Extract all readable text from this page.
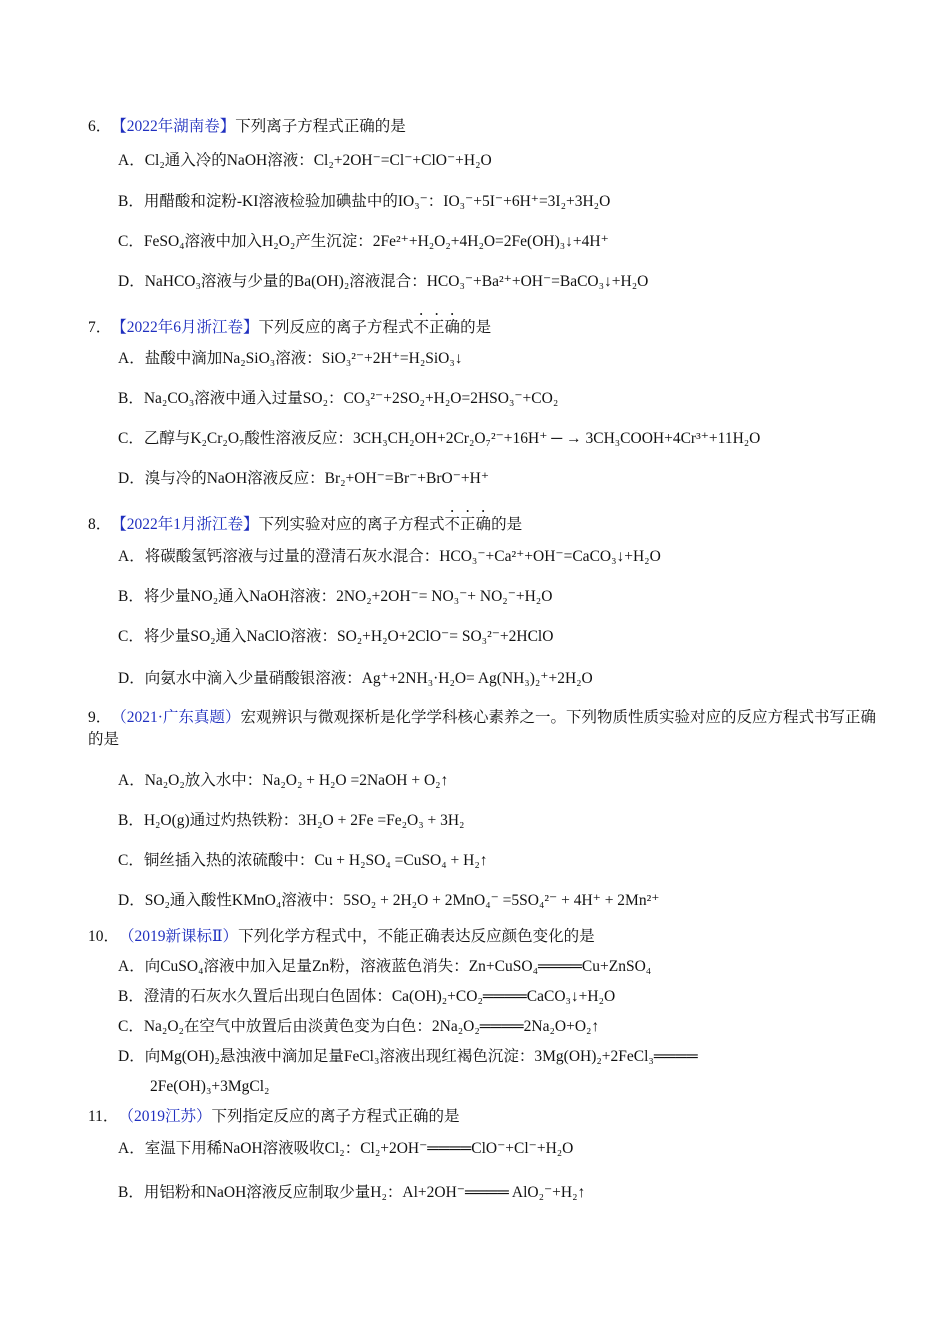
6．【2022年湖南卷】下列离子方程式正确的是
A．Cl₂通入冷的NaOH溶液：Cl₂+2OH⁻=Cl⁻+ClO⁻+H₂O
B．用醋酸和淀粉-KI溶液检验加碘盐中的IO₃⁻：IO₃⁻+5I⁻+6H⁺=3I₂+3H₂O
C．FeSO₄溶液中加入H₂O₂产生沉淀：2Fe²⁺+H₂O₂+4H₂O=2Fe(OH)₃↓+4H⁺
D．NaHCO₃溶液与少量的Ba(OH)₂溶液混合：HCO₃⁻+Ba²⁺+OH⁻=BaCO₃↓+H₂O
7．【2022年6月浙江卷】下列反应的离子方程式不正确的是
A．盐酸中滴加Na₂SiO₃溶液：SiO₃²⁻+2H⁺=H₂SiO₃↓
B．Na₂CO₃溶液中通入过量SO₂：CO₃²⁻+2SO₂+H₂O=2HSO₃⁻+CO₂
C．乙醇与K₂Cr₂O₇酸性溶液反应：3CH₃CH₂OH+2Cr₂O₇²⁻+16H⁺ ─ → 3CH₃COOH+4Cr³⁺+11H₂O
D．溴与冷的NaOH溶液反应：Br₂+OH⁻=Br⁻+BrO⁻+H⁺
8．【2022年1月浙江卷】下列实验对应的离子方程式不正确的是
A．将碳酸氢钙溶液与过量的澄清石灰水混合：HCO₃⁻+Ca²⁺+OH⁻=CaCO₃↓+H₂O
B．将少量NO₂通入NaOH溶液：2NO₂+2OH⁻= NO₃⁻+ NO₂⁻+H₂O
C．将少量SO₂通入NaClO溶液：SO₂+H₂O+2ClO⁻= SO₃²⁻+2HClO
D．向氨水中滴入少量硝酸银溶液：Ag⁺+2NH₃·H₂O= Ag(NH₃)₂⁺+2H₂O
9．（2021·广东真题）宏观辨识与微观探析是化学学科核心素养之一。下列物质性质实验对应的反应方程式书写正确的是
A．Na₂O₂放入水中：Na₂O₂ + H₂O =2NaOH + O₂↑
B．H₂O(g)通过灼热铁粉：3H₂O + 2Fe =Fe₂O₃ + 3H₂
C．铜丝插入热的浓硫酸中：Cu + H₂SO₄ =CuSO₄ + H₂↑
D．SO₂通入酸性KMnO₄溶液中：5SO₂ + 2H₂O + 2MnO₄⁻ =5SO₄²⁻ + 4H⁺ + 2Mn²⁺
10．（2019新课标Ⅱ）下列化学方程式中，不能正确表达反应颜色变化的是
A．向CuSO₄溶液中加入足量Zn粉，溶液蓝色消失：Zn+CuSO₄════Cu+ZnSO₄
B．澄清的石灰水久置后出现白色固体：Ca(OH)₂+CO₂════CaCO₃↓+H₂O
C．Na₂O₂在空气中放置后由淡黄色变为白色：2Na₂O₂════2Na₂O+O₂↑
D．向Mg(OH)₂悬浊液中滴加足量FeCl₃溶液出现红褐色沉淀：3Mg(OH)₂+2FeCl₃════
2Fe(OH)₃+3MgCl₂
11．（2019江苏）下列指定反应的离子方程式正确的是
A．室温下用稀NaOH溶液吸收Cl₂：Cl₂+2OH⁻════ClO⁻+Cl⁻+H₂O
B．用铝粉和NaOH溶液反应制取少量H₂：Al+2OH⁻════ AlO₂⁻+H₂↑
